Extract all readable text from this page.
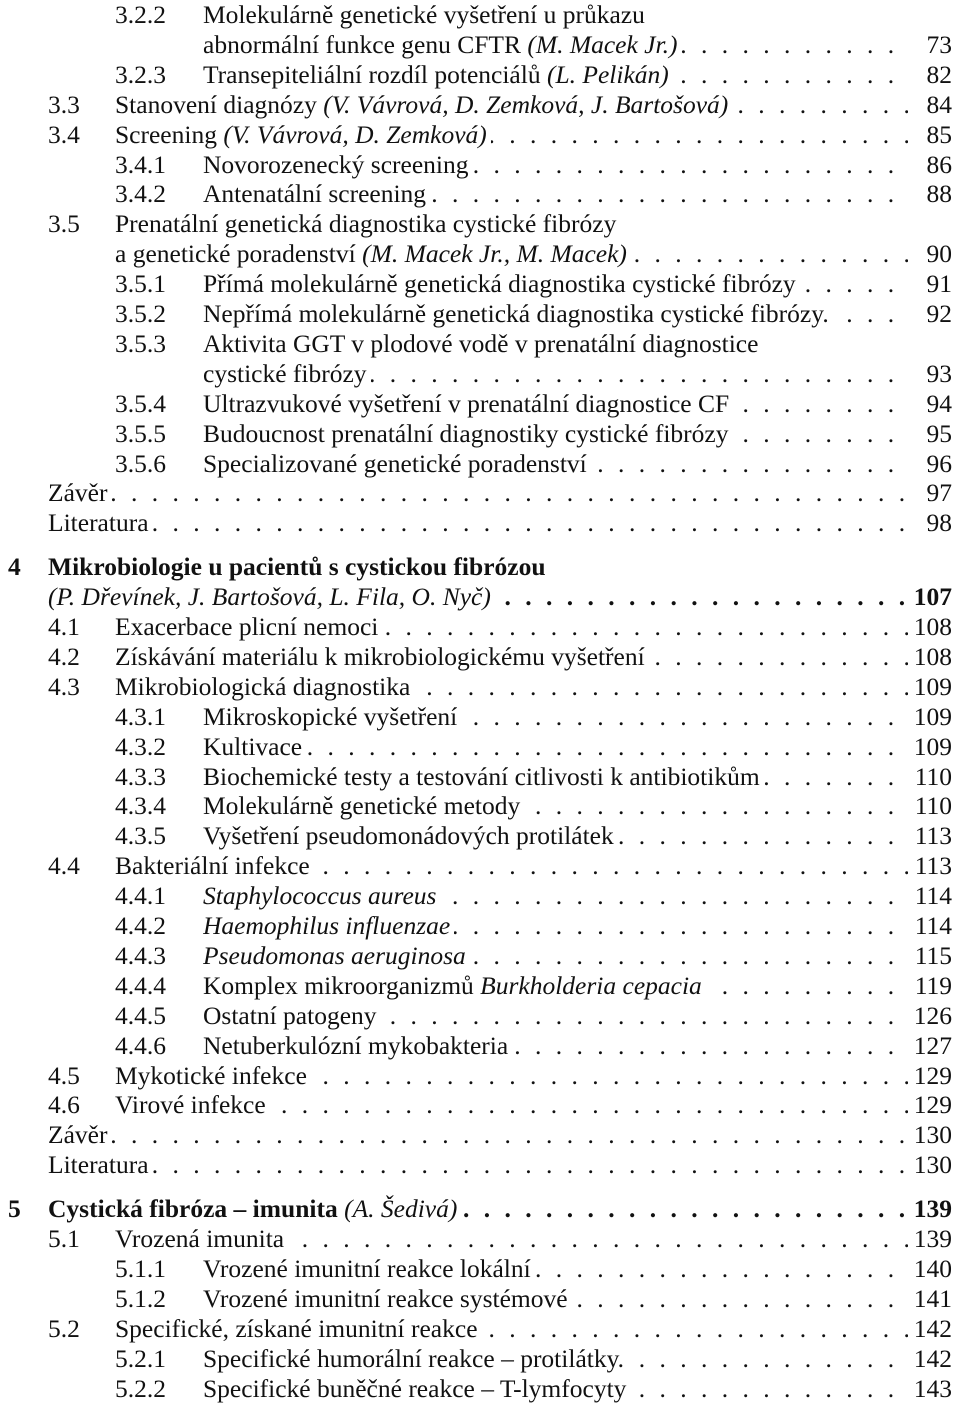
3.2.2 Molekulárně genetické vyšetření u průkazu
abnormální funkce genu CFTR (M. Macek Jr.) . . .	73
3.2.3 Transepiteliální rozdíl potenciálů (L. Pelikán) . . .	82
3.3 Stanovení diagnózy (V. Vávrová, D. Zemková, J. Bartošová) . . .	84
3.4 Screening (V. Vávrová, D. Zemková) . . .	85
3.4.1 Novorozenecký screening . . .	86
3.4.2 Antenatální screening . . .	88
3.5 Prenatální genetická diagnostika cystické fibrózy
a genetické poradenství (M. Macek Jr., M. Macek) . . .	90
3.5.1 Přímá molekulárně genetická diagnostika cystické fibrózy . . .	91
3.5.2 Nepřímá molekulárně genetická diagnostika cystické fibrózy. . . .	92
3.5.3 Aktivita GGT v plodové vodě v prenatální diagnostice
cystické fibrózy . . .	93
3.5.4 Ultrazvukové vyšetření v prenatální diagnostice CF . . .	94
3.5.5 Budoucnost prenatální diagnostiky cystické fibrózy . . .	95
3.5.6 Specializované genetické poradenství . . .	96
Závěr . . .	97
Literatura . . .	98
4 Mikrobiologie u pacientů s cystickou fibrózou
(P. Dřevínek, J. Bartošová, L. Fila, O. Nyč) . . .	107
4.1 Exacerbace plicní nemoci . . .	108
4.2 Získávání materiálu k mikrobiologickému vyšetření . . .	108
4.3 Mikrobiologická diagnostika . . .	109
4.3.1 Mikroskopické vyšetření . . .	109
4.3.2 Kultivace . . .	109
4.3.3 Biochemické testy a testování citlivosti k antibiotikům . . .	110
4.3.4 Molekulárně genetické metody . . .	110
4.3.5 Vyšetření pseudomonádových protilátek . . .	113
4.4 Bakteriální infekce . . .	113
4.4.1 Staphylococcus aureus . . .	114
4.4.2 Haemophilus influenzae . . .	114
4.4.3 Pseudomonas aeruginosa . . .	115
4.4.4 Komplex mikroorganizmů Burkholderia cepacia . . .	119
4.4.5 Ostatní patogeny . . .	126
4.4.6 Netuberkulózní mykobakteria . . .	127
4.5 Mykotické infekce . . .	129
4.6 Virové infekce . . .	129
Závěr . . .	130
Literatura . . .	130
5 Cystická fibróza – imunita (A. Šedivá) . . .	139
5.1 Vrozená imunita . . .	139
5.1.1 Vrozené imunitní reakce lokální . . .	140
5.1.2 Vrozené imunitní reakce systémové . . .	141
5.2 Specifické, získané imunitní reakce . . .	142
5.2.1 Specifické humorální reakce – protilátky. . . .	142
5.2.2 Specifické buněčné reakce – T-lymfocyty . . .	143
